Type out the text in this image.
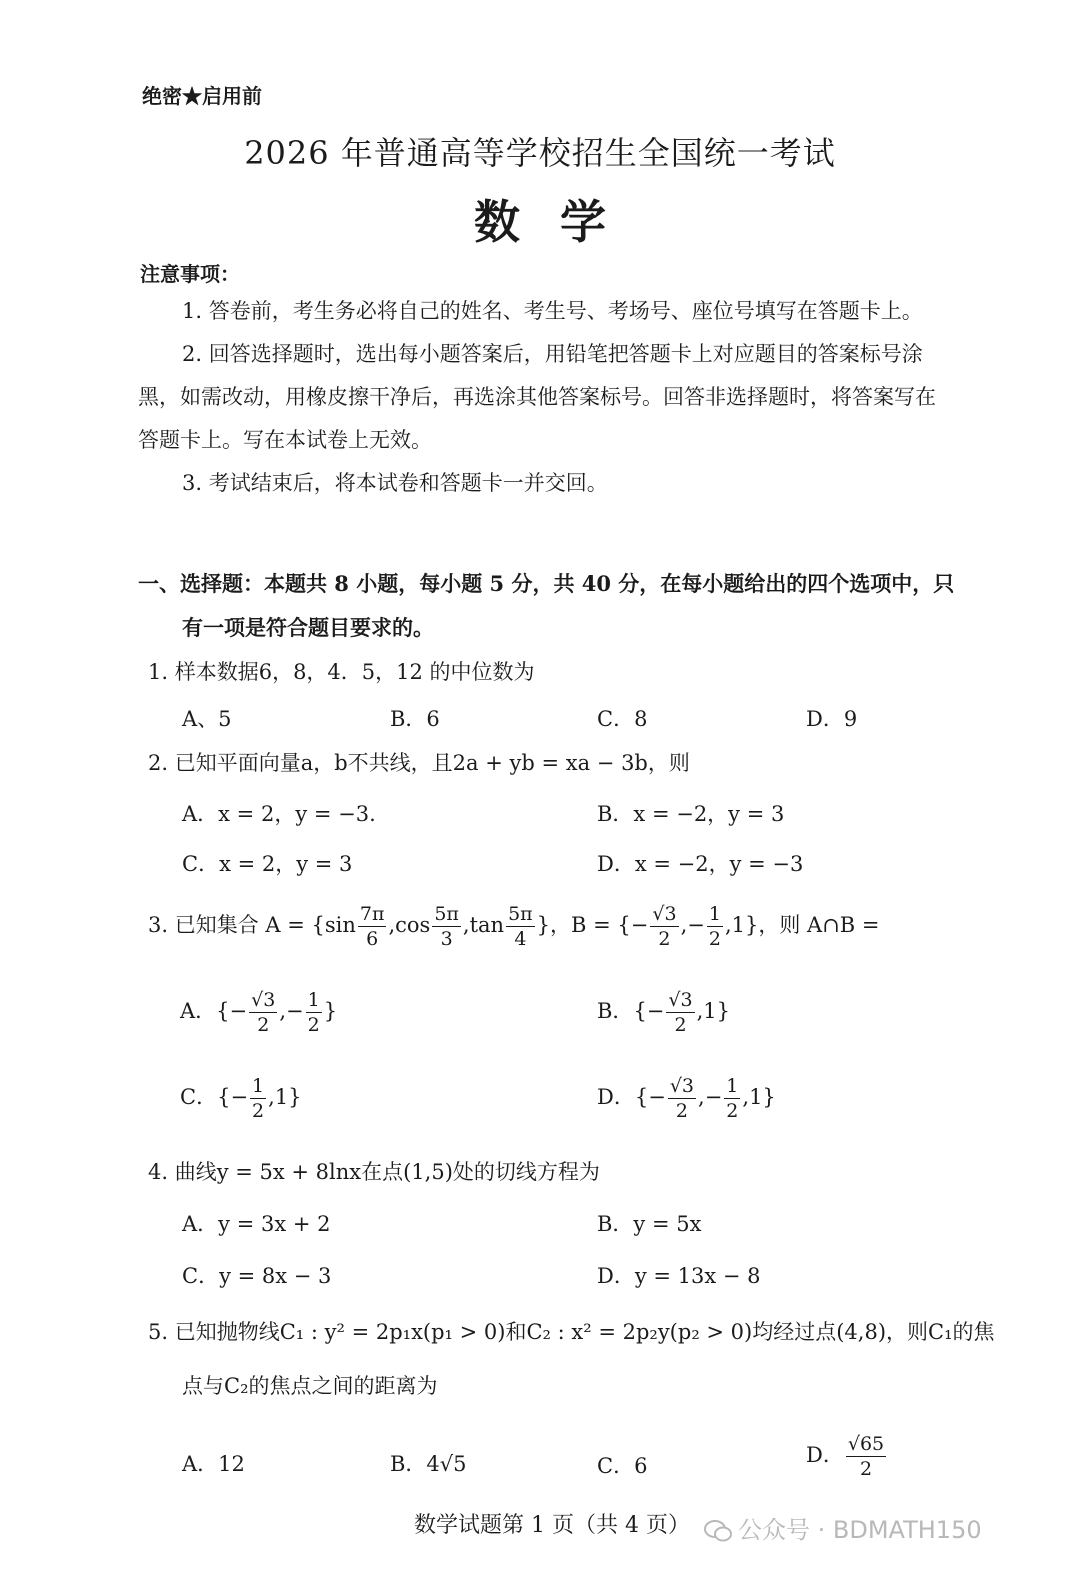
绝密★启用前
2026 年普通高等学校招生全国统一考试
数学
注意事项：
1. 答卷前，考生务必将自己的姓名、考生号、考场号、座位号填写在答题卡上。
2. 回答选择题时，选出每小题答案后，用铅笔把答题卡上对应题目的答案标号涂
黑，如需改动，用橡皮擦干净后，再选涂其他答案标号。回答非选择题时，将答案写在
答题卡上。写在本试卷上无效。
3. 考试结束后，将本试卷和答题卡一并交回。
一、选择题：本题共 8 小题，每小题 5 分，共 40 分，在每小题给出的四个选项中，只
有一项是符合题目要求的。
1. 样本数据6，8，4．5，12 的中位数为
A、5	B．6	C．8	D．9
2. 已知平面向量a，b不共线，且2a + yb = xa − 3b，则
A．x = 2，y = −3.	B．x = −2，y = 3
C．x = 2，y = 3	D．x = −2，y = −3
3. 已知集合 $A = \{\sin \frac{7\pi}{6} ,\cos \frac{5\pi}{3} ,\tan \frac{5\pi}{4}$ }，B = {− $\frac{√3}{2}$ ,− $\frac{1}{2} ,1$}，则 A∩B =
A．{− $\frac{√3}{2}$ ,− $\frac{1}{2}$ }	B．{− $\frac{√3}{2} ,1$}
C．{− $\frac{1}{2} ,1$}	D．{− $\frac{√3}{2}$ ,− $\frac{1}{2} ,1$}
4. 曲线y = 5x + 8lnx在点(1,5)处的切线方程为
A．y = 3x + 2	B．y = 5x
C．y = 8x − 3	D．y = 13x − 8
5. 已知抛物线C₁ : y² = 2p₁x(p₁ > 0)和C₂ : x² = 2p₂y(p₂ > 0)均经过点(4,8)，则C₁的焦
点与C₂的焦点之间的距离为
A．12	B．4√5	C．6	D． $\frac{√65}{2}$
数学试题第 1 页（共 4 页）	公众号 · BDMATH150
